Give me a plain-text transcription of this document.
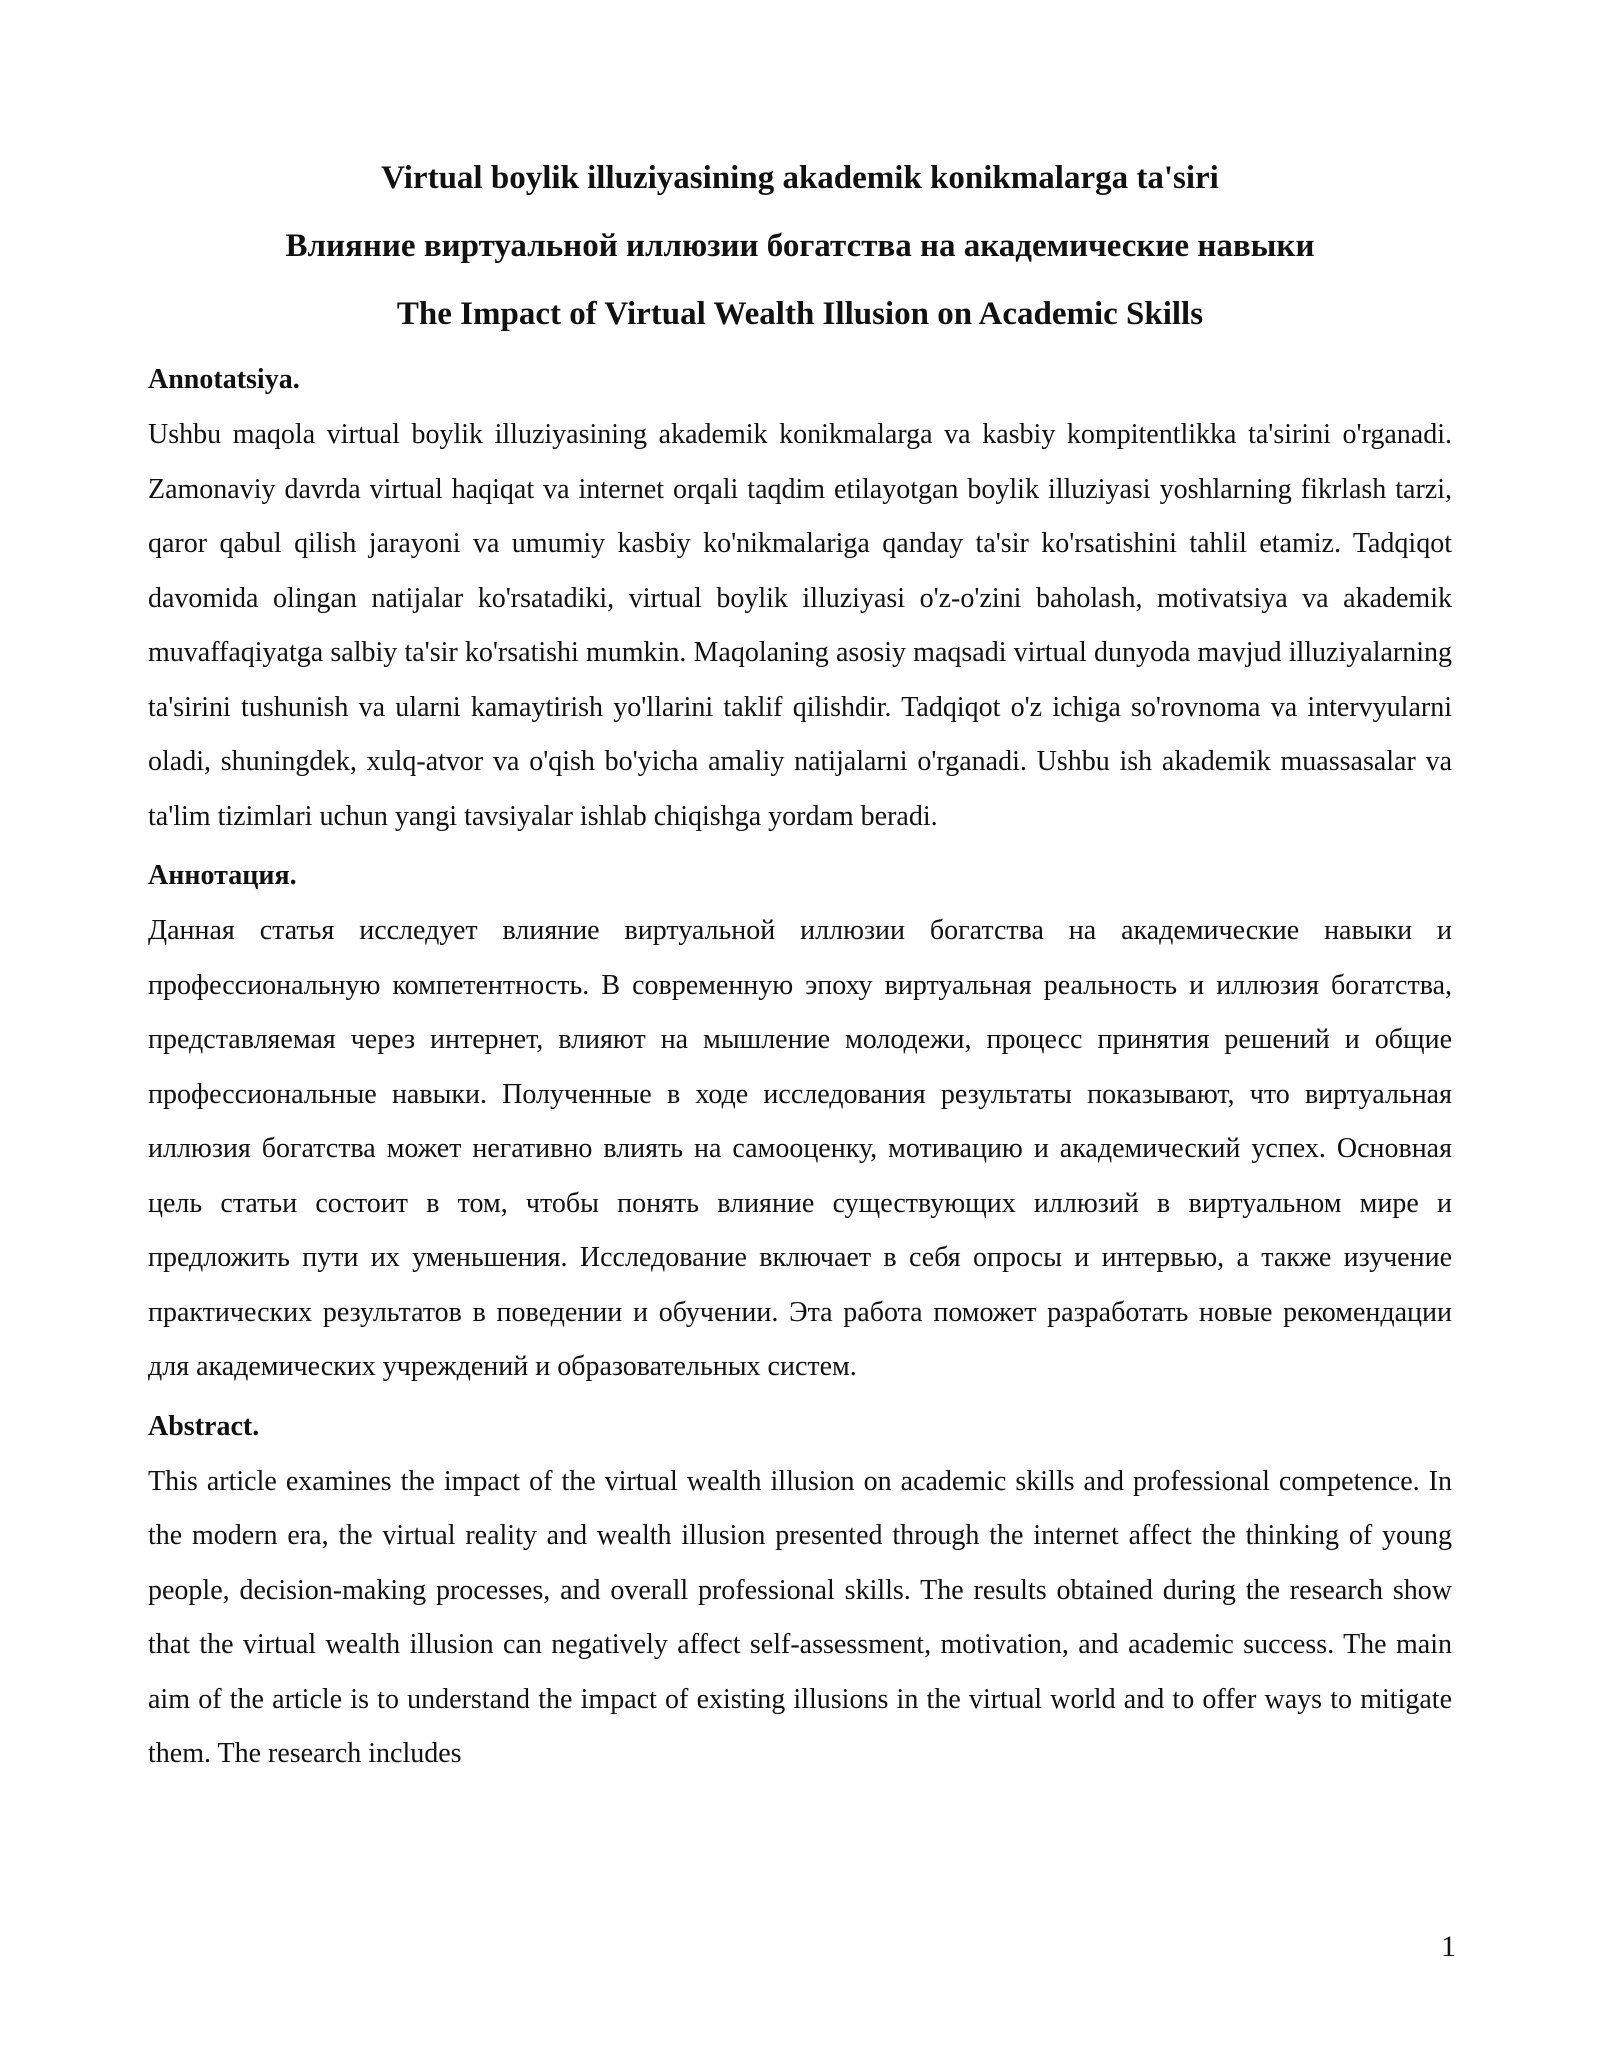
Virtual boylik illuziyasining akademik konikmalarga ta'siri

Влияние виртуальной иллюзии богатства на академические навыки

The Impact of Virtual Wealth Illusion on Academic Skills

Annotatsiya.

Ushbu maqola virtual boylik illuziyasining akademik konikmalarga va kasbiy kompitentlikka ta'sirini o'rganadi. Zamonaviy davrda virtual haqiqat va internet orqali taqdim etilayotgan boylik illuziyasi yoshlarning fikrlash tarzi, qaror qabul qilish jarayoni va umumiy kasbiy ko'nikmalariga qanday ta'sir ko'rsatishini tahlil etamiz. Tadqiqot davomida olingan natijalar ko'rsatadiki, virtual boylik illuziyasi o'z-o'zini baholash, motivatsiya va akademik muvaffaqiyatga salbiy ta'sir ko'rsatishi mumkin. Maqolaning asosiy maqsadi virtual dunyoda mavjud illuziyalarning ta'sirini tushunish va ularni kamaytirish yo'llarini taklif qilishdir. Tadqiqot o'z ichiga so'rovnoma va intervyularni oladi, shuningdek, xulq-atvor va o'qish bo'yicha amaliy natijalarni o'rganadi. Ushbu ish akademik muassasalar va ta'lim tizimlari uchun yangi tavsiyalar ishlab chiqishga yordam beradi.

Аннотация.

Данная статья исследует влияние виртуальной иллюзии богатства на академические навыки и профессиональную компетентность. В современную эпоху виртуальная реальность и иллюзия богатства, представляемая через интернет, влияют на мышление молодежи, процесс принятия решений и общие профессиональные навыки. Полученные в ходе исследования результаты показывают, что виртуальная иллюзия богатства может негативно влиять на самооценку, мотивацию и академический успех. Основная цель статьи состоит в том, чтобы понять влияние существующих иллюзий в виртуальном мире и предложить пути их уменьшения. Исследование включает в себя опросы и интервью, а также изучение практических результатов в поведении и обучении. Эта работа поможет разработать новые рекомендации для академических учреждений и образовательных систем.

Abstract.

This article examines the impact of the virtual wealth illusion on academic skills and professional competence. In the modern era, the virtual reality and wealth illusion presented through the internet affect the thinking of young people, decision-making processes, and overall professional skills. The results obtained during the research show that the virtual wealth illusion can negatively affect self-assessment, motivation, and academic success. The main aim of the article is to understand the impact of existing illusions in the virtual world and to offer ways to mitigate them. The research includes

1
